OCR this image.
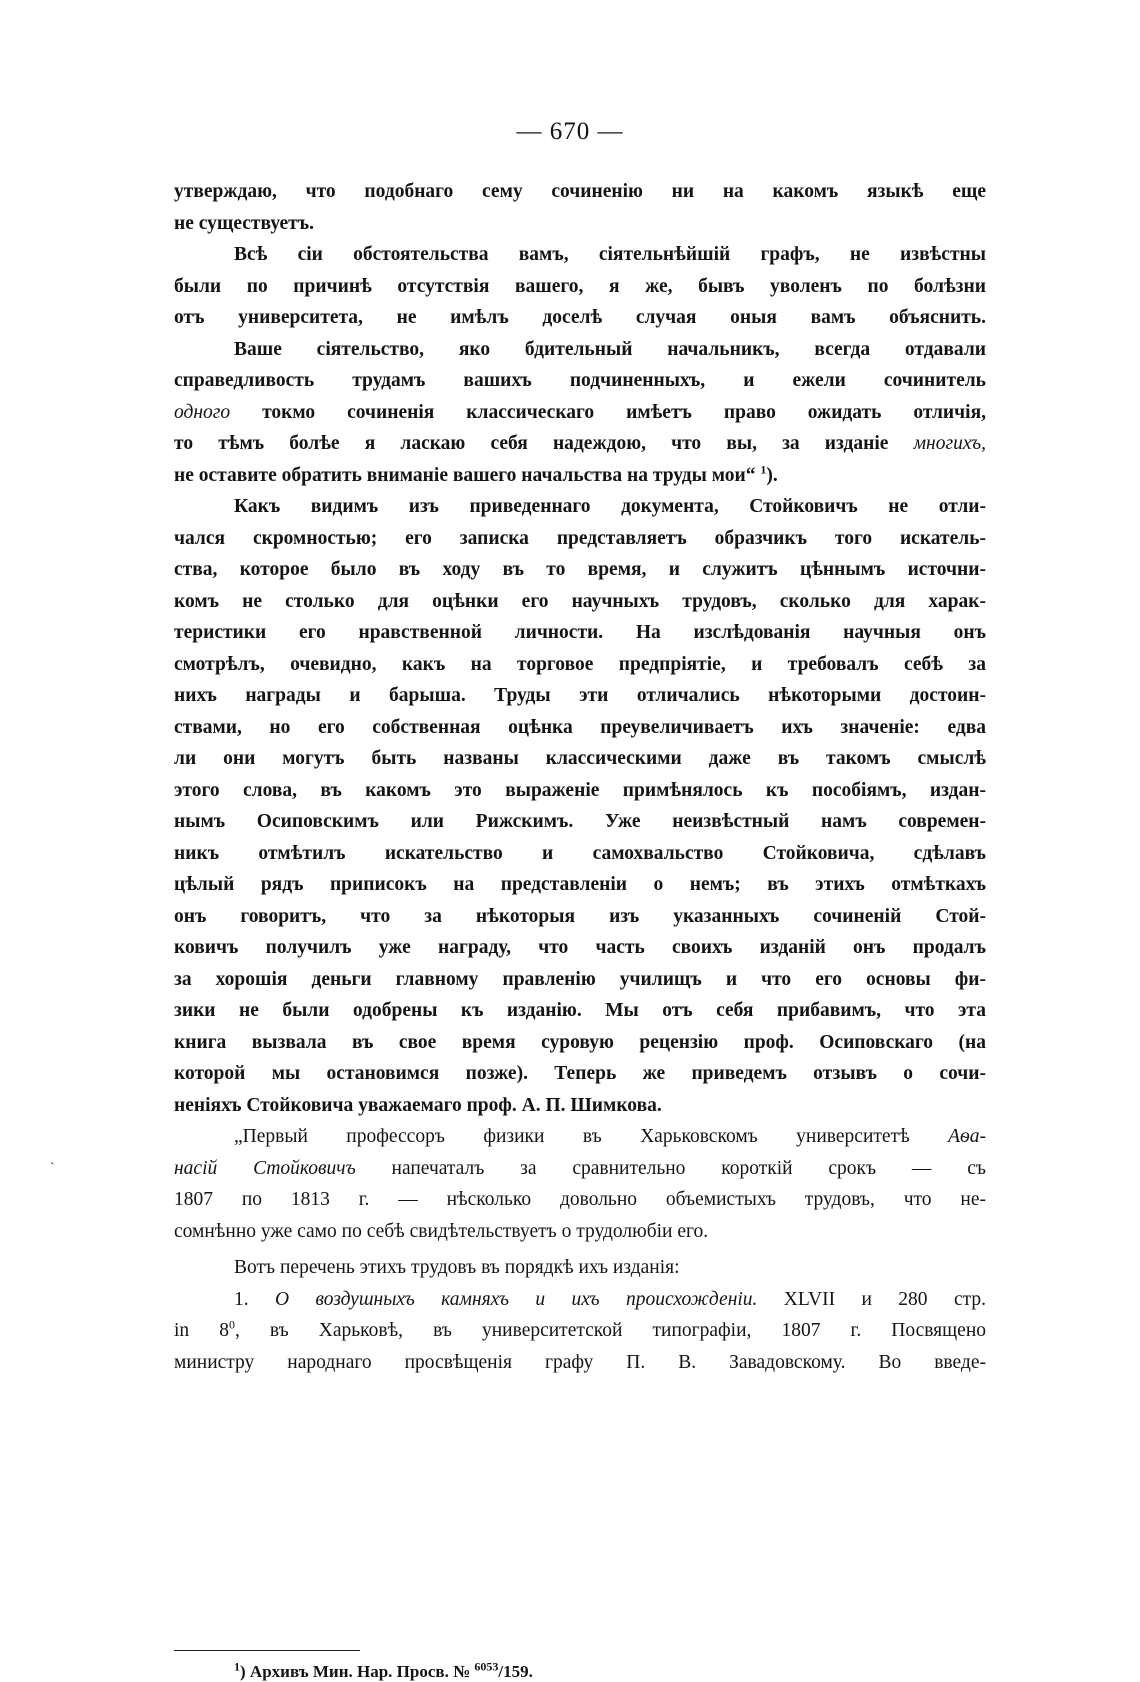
— 670 —
утверждаю, что подобнаго сему сочиненію ни на какомъ языкѣ еще
не существуетъ.
Всѣ сіи обстоятельства вамъ, сіятельнѣйшій графъ, не извѣстны
были по причинѣ отсутствія вашего, я же, бывъ уволенъ по болѣзни
отъ университета, не имѣлъ доселѣ случая оныя вамъ объяснить.
Ваше сіятельство, яко бдительный начальникъ, всегда отдавали
справедливость трудамъ вашихъ подчиненныхъ, и ежели сочинитель
одного токмо сочиненія классическаго имѣетъ право ожидать отличія,
то тѣмъ болѣе я ласкаю себя надеждою, что вы, за изданіе многихъ,
не оставите обратить вниманіе вашего начальства на труды мои“ $^1$).
Какъ видимъ изъ приведеннаго документа, Стойковичъ не отли-
чался скромностью; его записка представляетъ образчикъ того искатель-
ства, которое было въ ходу въ то время, и служитъ цѣннымъ источни-
комъ не столько для оцѣнки его научныхъ трудовъ, сколько для харак-
теристики его нравственной личности. На изслѣдованія научныя онъ
смотрѣлъ, очевидно, какъ на торговое предпріятіе, и требовалъ себѣ за
нихъ награды и барыша. Труды эти отличались нѣкоторыми достоин-
ствами, но его собственная оцѣнка преувеличиваетъ ихъ значеніе: едва
ли они могутъ быть названы классическими даже въ такомъ смыслѣ
этого слова, въ какомъ это выраженіе примѣнялось къ пособіямъ, издан-
нымъ Осиповскимъ или Рижскимъ. Уже неизвѣстный намъ современ-
никъ отмѣтилъ искательство и самохвальство Стойковича, сдѣлавъ
цѣлый рядъ приписокъ на представленіи о немъ; въ этихъ отмѣткахъ
онъ говоритъ, что за нѣкоторыя изъ указанныхъ сочиненій Стой-
ковичъ получилъ уже награду, что часть своихъ изданій онъ продалъ
за хорошія деньги главному правленію училищъ и что его основы фи-
зики не были одобрены къ изданію. Мы отъ себя прибавимъ, что эта
книга вызвала въ свое время суровую рецензію проф. Осиповскаго (на
которой мы остановимся позже). Теперь же приведемъ отзывъ о сочи-
неніяхъ Стойковича уважаемаго проф. А. П. Шимкова.
„Первый профессоръ физики въ Харьковскомъ университетѣ Аѳа-
насій Стойковичъ напечаталъ за сравнительно короткій срокъ — съ
1807 по 1813 г. — нѣсколько довольно объемистыхъ трудовъ, что не-
сомнѣнно уже само по себѣ свидѣтельствуетъ о трудолюбіи его.
Вотъ перечень этихъ трудовъ въ порядкѣ ихъ изданія:
1. О воздушныхъ камняхъ и ихъ происхожденіи. XLVII и 280 стр.
in $8^0$, въ Харьковѣ, въ университетской типографіи, 1807 г. Посвящено
министру народнаго просвѣщенія графу П. В. Завадовскому. Во введе-
`
$^1$) Архивъ Мин. Нар. Просв. № $^{6053}$/159.
